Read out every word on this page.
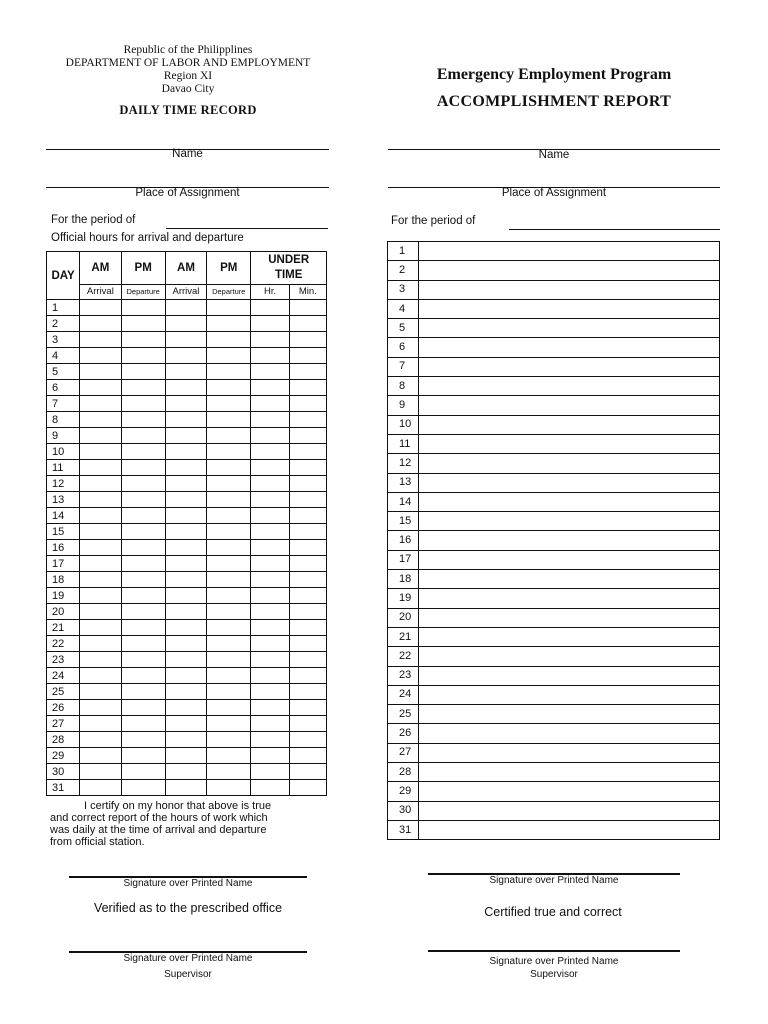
Republic of the Philipplines
DEPARTMENT OF LABOR AND EMPLOYMENT
Region XI
Davao City
DAILY TIME RECORD
Emergency Employment Program
ACCOMPLISHMENT REPORT
Name
Place of Assignment
For the period of
Official hours for arrival and departure
Name
Place of Assignment
For the period of
DAY	AM	PM	AM	PM	UNDER TIME	
	Arrival	Departure	Arrival	Departure	Hr.	Min.
1						
2						
3						
4						
5						
6						
7						
8						
9						
10						
11						
12						
13						
14						
15						
16						
17						
18						
19						
20						
21						
22						
23						
24						
25						
26						
27						
28						
29						
30						
31						
1	
2	
3	
4	
5	
6	
7	
8	
9	
10	
11	
12	
13	
14	
15	
16	
17	
18	
19	
20	
21	
22	
23	
24	
25	
26	
27	
28	
29	
30	
31	
I certify on my honor that above is true
and correct report of the hours of work which
was daily at the time of arrival and departure
from official station.
Signature over Printed Name
Verified as to the prescribed office
Signature over Printed Name
Supervisor
Signature over Printed Name
Certified true and correct
Signature over Printed Name
Supervisor
